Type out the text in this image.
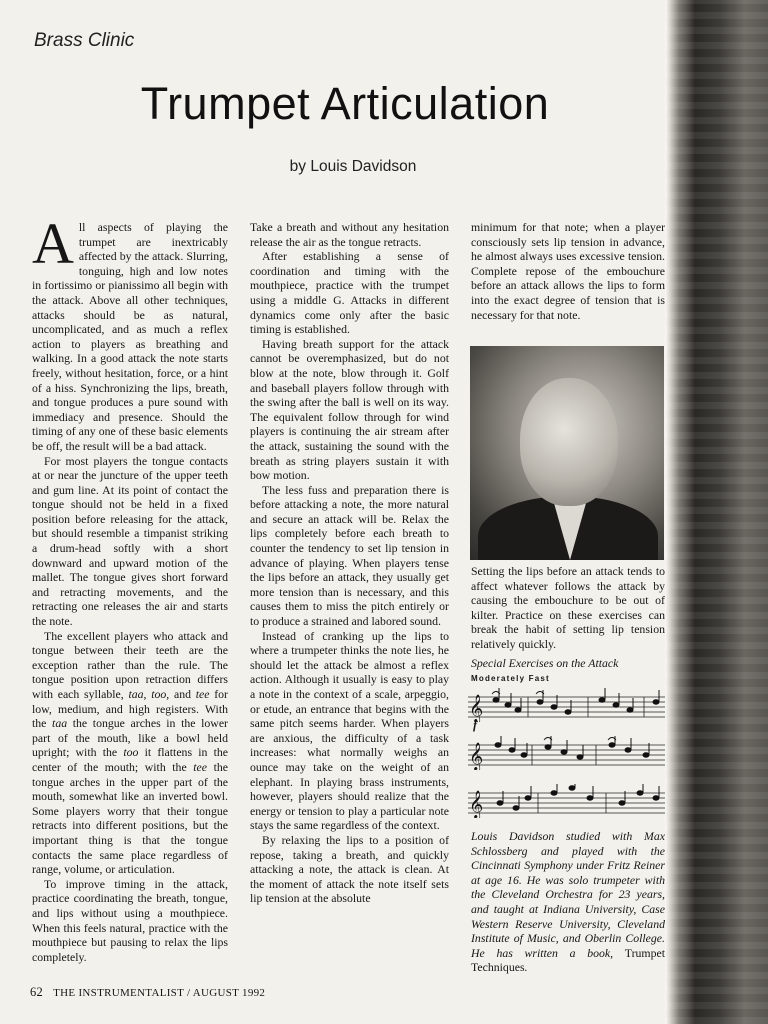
Brass Clinic
Trumpet Articulation
by Louis Davidson

All aspects of playing the trumpet are inextricably affected by the attack. Slurring, tonguing, high and low notes in fortissimo or pianissimo all begin with the attack. Above all other techniques, attacks should be as natural, uncomplicated, and as much a reflex action to players as breathing and walking. In a good attack the note starts freely, without hesitation, force, or a hint of a hiss. Synchronizing the lips, breath, and tongue produces a pure sound with immediacy and presence. Should the timing of any one of these basic elements be off, the result will be a bad attack.

For most players the tongue contacts at or near the juncture of the upper teeth and gum line. At its point of contact the tongue should not be held in a fixed position before releasing for the attack, but should resemble a timpanist striking a drum-head softly with a short downward and upward motion of the mallet. The tongue gives short forward and retracting movements, and the retracting one releases the air and starts the note.

The excellent players who attack and tongue between their teeth are the exception rather than the rule. The tongue position upon retraction differs with each syllable, taa, too, and tee for low, medium, and high registers. With the taa the tongue arches in the lower part of the mouth, like a bowl held upright; with the too it flattens in the center of the mouth; with the tee the tongue arches in the upper part of the mouth, somewhat like an inverted bowl. Some players worry that their tongue retracts into different positions, but the important thing is that the tongue contacts the same place regardless of range, volume, or articulation.

To improve timing in the attack, practice coordinating the breath, tongue, and lips without using a mouthpiece. When this feels natural, practice with the mouthpiece but pausing to relax the lips completely.

Take a breath and without any hesitation release the air as the tongue retracts.

After establishing a sense of coordination and timing with the mouthpiece, practice with the trumpet using a middle G. Attacks in different dynamics come only after the basic timing is established.

Having breath support for the attack cannot be overemphasized, but do not blow at the note, blow through it. Golf and baseball players follow through with the swing after the ball is well on its way. The equivalent follow through for wind players is continuing the air stream after the attack, sustaining the sound with the breath as string players sustain it with bow motion.

The less fuss and preparation there is before attacking a note, the more natural and secure an attack will be. Relax the lips completely before each breath to counter the tendency to set lip tension in advance of playing. When players tense the lips before an attack, they usually get more tension than is necessary, and this causes them to miss the pitch entirely or to produce a strained and labored sound.

Instead of cranking up the lips to where a trumpeter thinks the note lies, he should let the attack be almost a reflex action. Although it usually is easy to play a note in the context of a scale, arpeggio, or etude, an entrance that begins with the same pitch seems harder. When players are anxious, the difficulty of a task increases: what normally weighs an ounce may take on the weight of an elephant. In playing brass instruments, however, players should realize that the energy or tension to play a particular note stays the same regardless of the context.

By relaxing the lips to a position of repose, taking a breath, and quickly attacking a note, the attack is clean. At the moment of attack the note itself sets lip tension at the absolute

minimum for that note; when a player consciously sets lip tension in advance, he almost always uses excessive tension. Complete repose of the embouchure before an attack allows the lips to form into the exact degree of tension that is necessary for that note.

Setting the lips before an attack tends to affect whatever follows the attack by causing the embouchure to be out of kilter. Practice on these exercises can break the habit of setting lip tension relatively quickly.
Special Exercises on the Attack
Moderately Fast
𝄞
f
𝄞
𝄞
Louis Davidson studied with Max Schlossberg and played with the Cincinnati Symphony under Fritz Reiner at age 16. He was solo trumpeter with the Cleveland Orchestra for 23 years, and taught at Indiana University, Case Western Reserve University, Cleveland Institute of Music, and Oberlin College. He has written a book, Trumpet Techniques.
62 THE INSTRUMENTALIST / AUGUST 1992
